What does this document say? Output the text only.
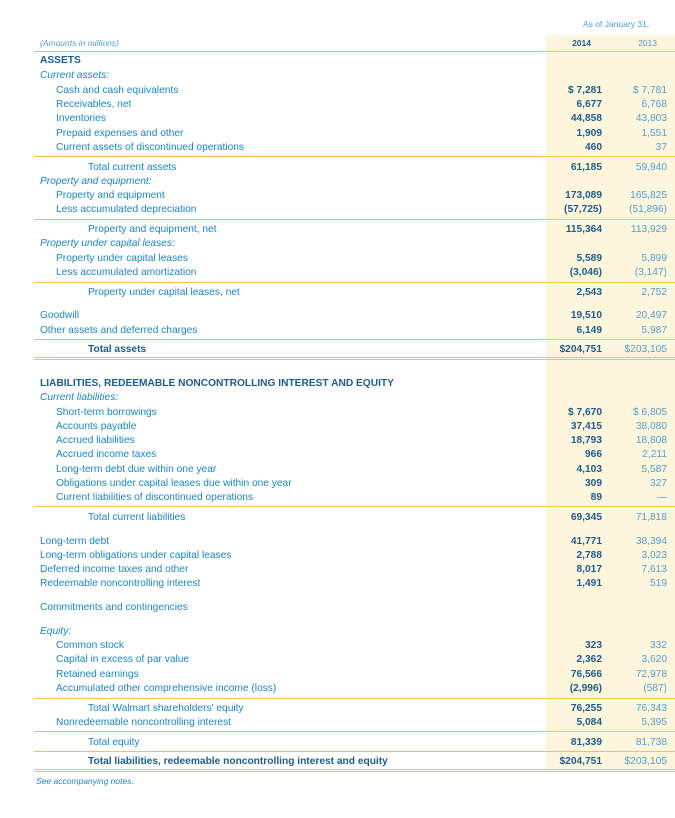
As of January 31,
(Amounts in millions)	2014	2013
ASSETS
Current assets:
Cash and cash equivalents	$ 7,281	$ 7,781
Receivables, net	6,677	6,768
Inventories	44,858	43,803
Prepaid expenses and other	1,909	1,551
Current assets of discontinued operations	460	37
Total current assets	61,185	59,940
Property and equipment:
Property and equipment	173,089	165,825
Less accumulated depreciation	(57,725)	(51,896)
Property and equipment, net	115,364	113,929
Property under capital leases:
Property under capital leases	5,589	5,899
Less accumulated amortization	(3,046)	(3,147)
Property under capital leases, net	2,543	2,752
Goodwill	19,510	20,497
Other assets and deferred charges	6,149	5,987
Total assets	$204,751 $203,105
LIABILITIES, REDEEMABLE NONCONTROLLING INTEREST AND EQUITY
Current liabilities:
Short-term borrowings	$ 7,670	$ 6,805
Accounts payable	37,415	38,080
Accrued liabilities	18,793	18,808
Accrued income taxes	966	2,211
Long-term debt due within one year	4,103	5,587
Obligations under capital leases due within one year	309	327
Current liabilities of discontinued operations	89	—
Total current liabilities	69,345	71,818
Long-term debt	41,771	38,394
Long-term obligations under capital leases	2,788	3,023
Deferred income taxes and other	8,017	7,613
Redeemable noncontrolling interest	1,491	519
Commitments and contingencies
Equity:
Common stock	323	332
Capital in excess of par value	2,362	3,620
Retained earnings	76,566	72,978
Accumulated other comprehensive income (loss)	(2,996)	(587)
Total Walmart shareholders' equity	76,255	76,343
Nonredeemable noncontrolling interest	5,084	5,395
Total equity	81,339	81,738
Total liabilities, redeemable noncontrolling interest and equity	$204,751 $203,105
See accompanying notes.
